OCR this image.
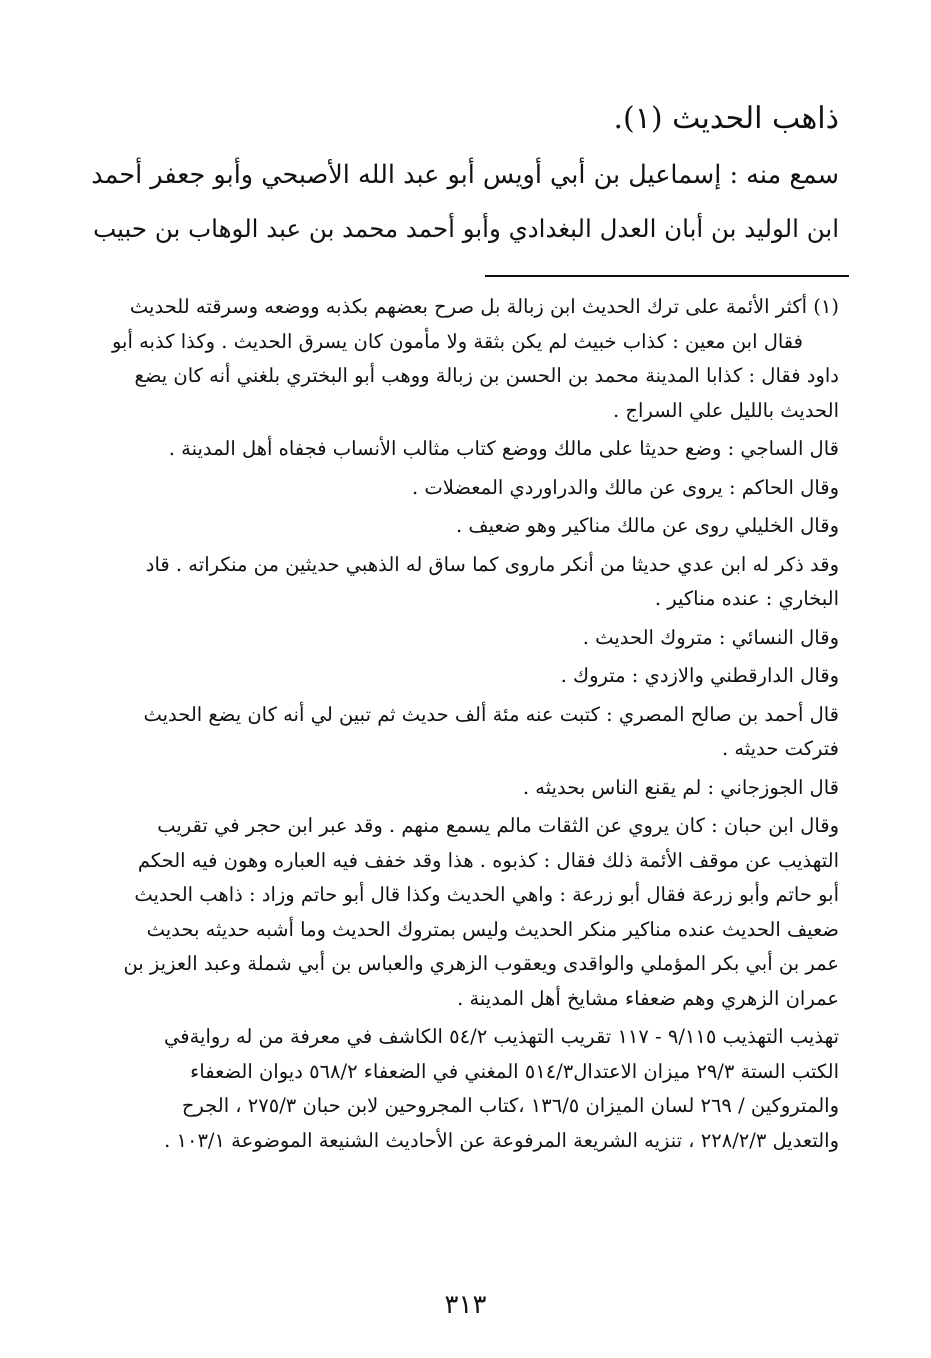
ذاهب الحديث (١).
سمع منه : إسماعيل بن أبي أويس أبو عبد الله الأصبحي وأبو جعفر أحمد
ابن الوليد بن أبان العدل البغدادي وأبو أحمد محمد بن عبد الوهاب بن حبيب
(١) أكثر الأئمة على ترك الحديث ابن زبالة بل صرح بعضهم بكذبه ووضعه وسرقته للحديث
فقال ابن معين : كذاب خبيث لم يكن بثقة ولا مأمون كان يسرق الحديث . وكذا كذبه أبو
داود فقال : كذابا المدينة محمد بن الحسن بن زبالة ووهب أبو البختري بلغني أنه كان يضع
الحديث بالليل علي السراج .
قال الساجي : وضع حديثا على مالك ووضع كتاب مثالب الأنساب فجفاه أهل المدينة .
وقال الحاكم : يروى عن مالك والدراوردي المعضلات .
وقال الخليلي روى عن مالك مناكير وهو ضعيف .
وقد ذكر له ابن عدي حديثا من أنكر ماروى كما ساق له الذهبي حديثين من منكراته . قاد
البخاري : عنده مناكير .
وقال النسائي : متروك الحديث .
وقال الدارقطني والازدي : متروك .
قال أحمد بن صالح المصري : كتبت عنه مئة ألف حديث ثم تبين لي أنه كان يضع الحديث
فتركت حديثه .
قال الجوزجاني : لم يقنع الناس بحديثه .
وقال ابن حبان : كان يروي عن الثقات مالم يسمع منهم . وقد عبر ابن حجر في تقريب
التهذيب عن موقف الأئمة ذلك فقال : كذبوه . هذا وقد خفف فيه العباره وهون فيه الحكم
أبو حاتم وأبو زرعة فقال أبو زرعة : واهي الحديث وكذا قال أبو حاتم وزاد : ذاهب الحديث
ضعيف الحديث عنده مناكير منكر الحديث وليس بمتروك الحديث وما أشبه حديثه بحديث
عمر بن أبي بكر المؤملي والواقدى ويعقوب الزهري والعباس بن أبي شملة وعبد العزيز بن
عمران الزهري وهم ضعفاء مشايخ أهل المدينة .
تهذيب التهذيب ٩/١١٥ - ١١٧ تقريب التهذيب ٥٤/٢ الكاشف في معرفة من له روايةفي
الكتب الستة ٢٩/٣ ميزان الاعتدال٥١٤/٣ المغني في الضعفاء ٥٦٨/٢ ديوان الضعفاء
والمتروكين / ٢٦٩ لسان الميزان ١٣٦/٥ ،كتاب المجروحين لابن حبان ٢٧٥/٣ ، الجرح
والتعديل ٢٢٨/٢/٣ ، تنزيه الشريعة المرفوعة عن الأحاديث الشنيعة الموضوعة ١٠٣/١ .
٣١٣
